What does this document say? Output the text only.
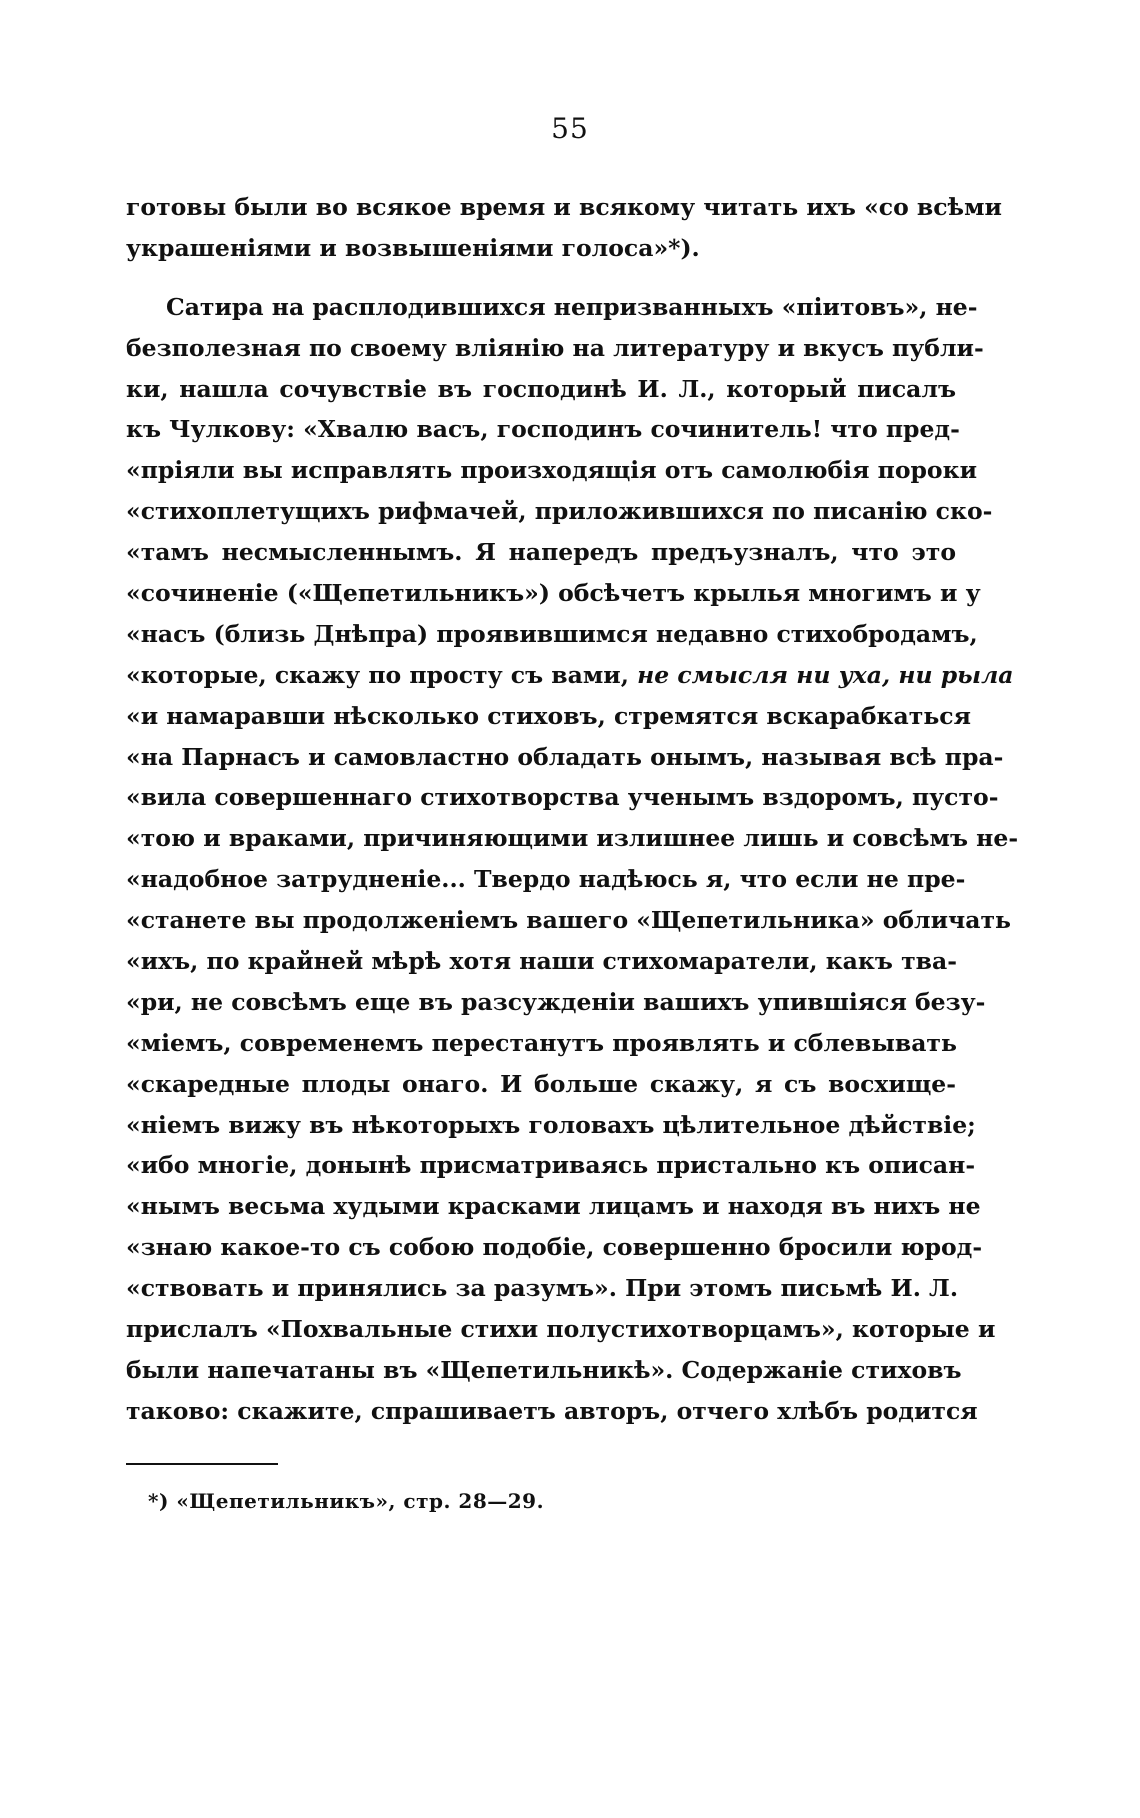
55
готовы были во всякое время и всякому читать ихъ «со всѣми
украшеніями и возвышеніями голоса»*).
Сатира на расплодившихся непризванныхъ «пiитовъ», не-
безполезная по своему вліянію на литературу и вкусъ публи-
ки, нашла сочувствіе въ господинѣ И. Л., который писалъ
къ Чулкову: «Хвалю васъ, господинъ сочинитель! что пред-
«пріяли вы исправлять произходящія отъ самолюбія пороки
«стихоплетущихъ рифмачей, приложившихся по писанію ско-
«тамъ несмысленнымъ. Я напередъ предъузналъ, что это
«сочиненіе («Щепетильникъ») обсѣчетъ крылья многимъ и у
«насъ (близь Днѣпра) проявившимся недавно стихобродамъ,
«которые, скажу по просту съ вами, не смысля ни уха, ни рыла
«и намаравши нѣсколько стиховъ, стремятся вскарабкаться
«на Парнасъ и самовластно обладать онымъ, называя всѣ пра-
«вила совершеннаго стихотворства ученымъ вздоромъ, пусто-
«тою и враками, причиняющими излишнее лишь и совсѣмъ не-
«надобное затрудненіе... Твердо надѣюсь я, что если не пре-
«станете вы продолженіемъ вашего «Щепетильника» обличать
«ихъ, по крайней мѣрѣ хотя наши стихомаратели, какъ тва-
«ри, не совсѣмъ еще въ разсужденіи вашихъ упившіяся безу-
«міемъ, современемъ перестанутъ проявлять и сблевывать
«скаредные плоды онаго. И больше скажу, я съ восхище-
«ніемъ вижу въ нѣкоторыхъ головахъ цѣлительное дѣйствіе;
«ибо многіе, донынѣ присматриваясь пристально къ описан-
«нымъ весьма худыми красками лицамъ и находя въ нихъ не
«знаю какое-то съ собою подобіе, совершенно бросили юрод-
«ствовать и принялись за разумъ». При этомъ письмѣ И. Л.
прислалъ «Похвальные стихи полустихотворцамъ», которые и
были напечатаны въ «Щепетильникѣ». Содержаніе стиховъ
таково: скажите, спрашиваетъ авторъ, отчего хлѣбъ родится
*) «Щепетильникъ», стр. 28—29.
